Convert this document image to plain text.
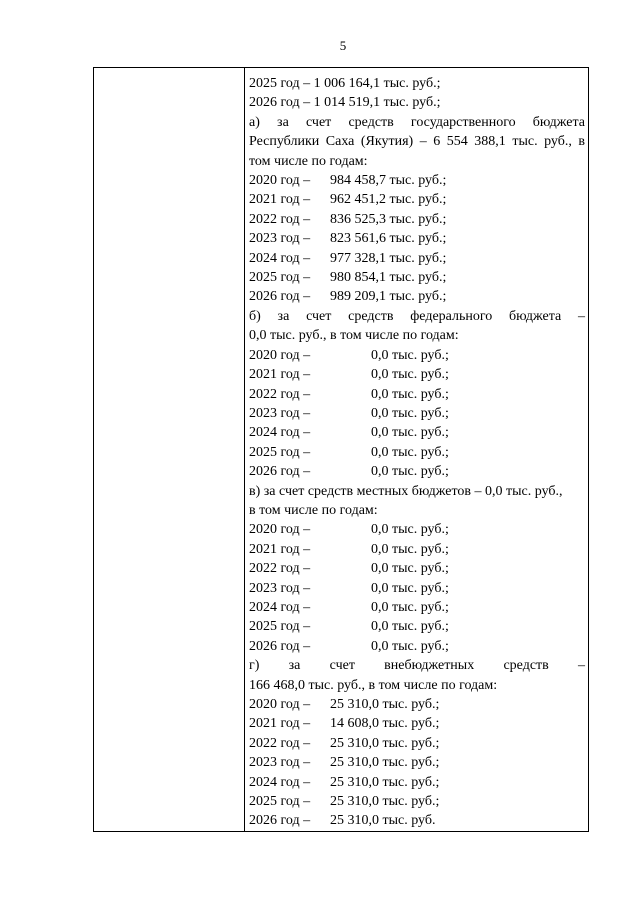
5
2025 год – 1 006 164,1 тыс. руб.;
2026 год – 1 014 519,1 тыс. руб.;
а) за счет средств государственного бюджета
Республики Саха (Якутия) – 6 554 388,1 тыс. руб., в
том числе по годам:
2020 год –	984 458,7 тыс. руб.;
2021 год –	962 451,2 тыс. руб.;
2022 год –	836 525,3 тыс. руб.;
2023 год –	823 561,6 тыс. руб.;
2024 год –	977 328,1 тыс. руб.;
2025 год –	980 854,1 тыс. руб.;
2026 год –	989 209,1 тыс. руб.;
б) за счет средств федерального бюджета –
0,0 тыс. руб., в том числе по годам:
2020 год –	0,0 тыс. руб.;
2021 год –	0,0 тыс. руб.;
2022 год –	0,0 тыс. руб.;
2023 год –	0,0 тыс. руб.;
2024 год –	0,0 тыс. руб.;
2025 год –	0,0 тыс. руб.;
2026 год –	0,0 тыс. руб.;
в) за счет средств местных бюджетов – 0,0 тыс. руб.,
в том числе по годам:
2020 год –	0,0 тыс. руб.;
2021 год –	0,0 тыс. руб.;
2022 год –	0,0 тыс. руб.;
2023 год –	0,0 тыс. руб.;
2024 год –	0,0 тыс. руб.;
2025 год –	0,0 тыс. руб.;
2026 год –	0,0 тыс. руб.;
г) за счет внебюджетных средств –
166 468,0 тыс. руб., в том числе по годам:
2020 год –	25 310,0 тыс. руб.;
2021 год –	14 608,0 тыс. руб.;
2022 год –	25 310,0 тыс. руб.;
2023 год –	25 310,0 тыс. руб.;
2024 год –	25 310,0 тыс. руб.;
2025 год –	25 310,0 тыс. руб.;
2026 год –	25 310,0 тыс. руб.
